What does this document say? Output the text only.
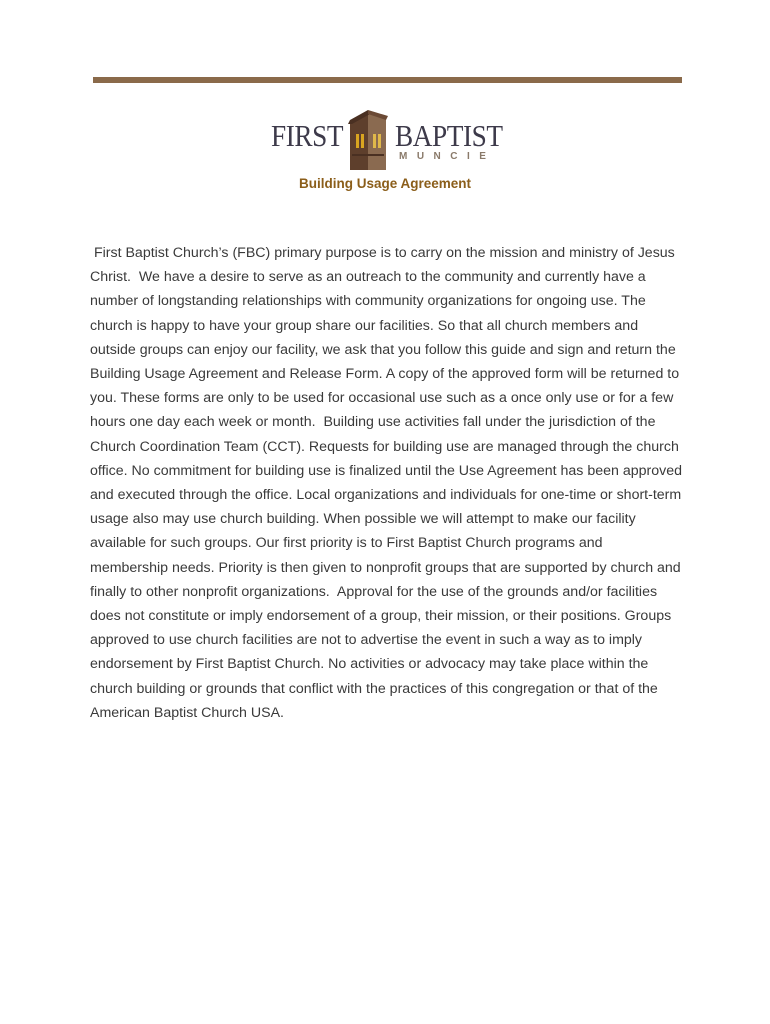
FIRST BAPTIST
MUNCIE
Building Usage Agreement
First Baptist Church’s (FBC) primary purpose is to carry on the mission and ministry of Jesus Christ.  We have a desire to serve as an outreach to the community and currently have a number of longstanding relationships with community organizations for ongoing use. The church is happy to have your group share our facilities. So that all church members and outside groups can enjoy our facility, we ask that you follow this guide and sign and return the Building Usage Agreement and Release Form. A copy of the approved form will be returned to you. These forms are only to be used for occasional use such as a once only use or for a few hours one day each week or month.  Building use activities fall under the jurisdiction of the Church Coordination Team (CCT). Requests for building use are managed through the church office. No commitment for building use is finalized until the Use Agreement has been approved and executed through the office. Local organizations and individuals for one-time or short-term usage also may use church building. When possible we will attempt to make our facility available for such groups. Our first priority is to First Baptist Church programs and membership needs. Priority is then given to nonprofit groups that are supported by church and finally to other nonprofit organizations.  Approval for the use of the grounds and/or facilities does not constitute or imply endorsement of a group, their mission, or their positions. Groups approved to use church facilities are not to advertise the event in such a way as to imply endorsement by First Baptist Church. No activities or advocacy may take place within the church building or grounds that conflict with the practices of this congregation or that of the American Baptist Church USA.
